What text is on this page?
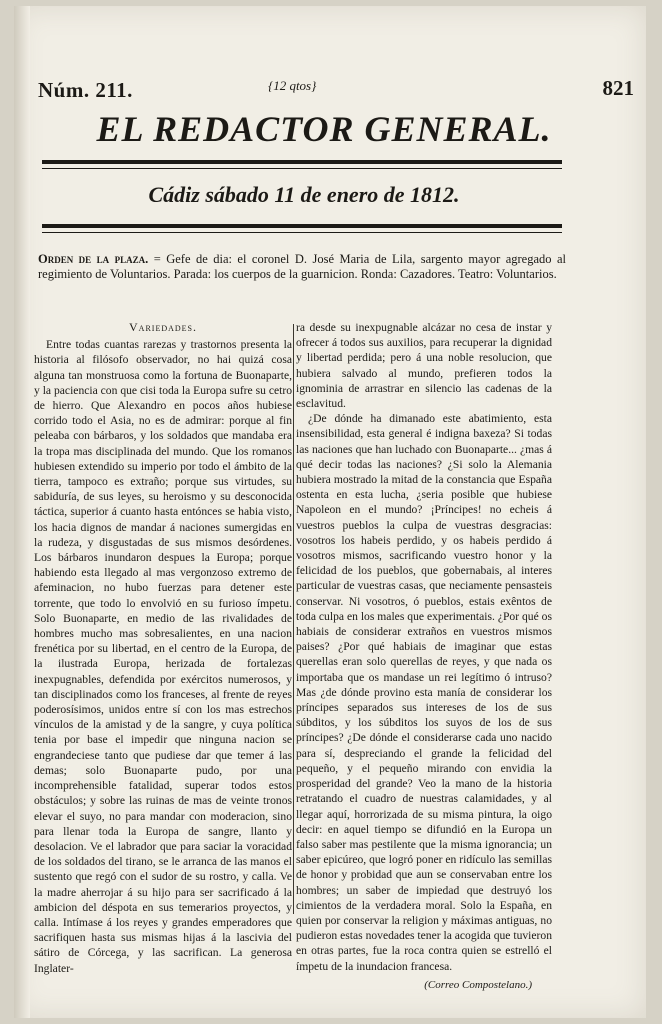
Núm. 211.	{12 qtos}	821
EL REDACTOR GENERAL.
Cádiz sábado 11 de enero de 1812.
Orden de la plaza. = Gefe de dia: el coronel D. José Maria de Lila, sargento mayor agregado al regimiento de Voluntarios. Parada: los cuerpos de la guarnicion. Ronda: Cazadores. Teatro: Voluntarios.
Variedades.

Entre todas cuantas rarezas y trastornos presenta la historia al filósofo observador, no hai quizá cosa alguna tan monstruosa como la fortuna de Buonaparte, y la paciencia con que cisi toda la Europa sufre su cetro de hierro. Que Alexandro en pocos años hubiese corrido todo el Asia, no es de admirar: porque al fin peleaba con bárbaros, y los soldados que mandaba era la tropa mas disciplinada del mundo. Que los romanos hubiesen extendido su imperio por todo el ámbito de la tierra, tampoco es extraño; porque sus virtudes, su sabiduría, de sus leyes, su heroismo y su desconocida táctica, superior á cuanto hasta entónces se habia visto, los hacia dignos de mandar á naciones sumergidas en la rudeza, y disgustadas de sus mismos desórdenes. Los bárbaros inundaron despues la Europa; porque habiendo esta llegado al mas vergonzoso extremo de afeminacion, no hubo fuerzas para detener este torrente, que todo lo envolvió en su furioso ímpetu. Solo Buonaparte, en medio de las rivalidades de hombres mucho mas sobresalientes, en una nacion frenética por su libertad, en el centro de la Europa, de la ilustrada Europa, herizada de fortalezas inexpugnables, defendida por exércitos numerosos, y tan disciplinados como los franceses, al frente de reyes poderosísimos, unidos entre sí con los mas estrechos vínculos de la amistad y de la sangre, y cuya política tenia por base el impedir que ninguna nacion se engrandeciese tanto que pudiese dar que temer á las demas; solo Buonaparte pudo, por una incomprehensible fatalidad, superar todos estos obstáculos; y sobre las ruinas de mas de veinte tronos elevar el suyo, no para mandar con moderacion, sino para llenar toda la Europa de sangre, llanto y desolacion. Ve el labrador que para saciar la voracidad de los soldados del tirano, se le arranca de las manos el sustento que regó con el sudor de su rostro, y calla. Ve la madre aherrojar á su hijo para ser sacrificado á la ambicion del déspota en sus temerarios proyectos, y calla. Intímase á los reyes y grandes emperadores que sacrifiquen hasta sus mismas hijas á la lascivia del sátiro de Córcega, y las sacrifican. La generosa Inglater-

ra desde su inexpugnable alcázar no cesa de instar y ofrecer á todos sus auxilios, para recuperar la dignidad y libertad perdida; pero á una noble resolucion, que hubiera salvado al mundo, prefieren todos la ignominia de arrastrar en silencio las cadenas de la esclavitud.

¿De dónde ha dimanado este abatimiento, esta insensibilidad, esta general é indigna baxeza? Si todas las naciones que han luchado con Buonaparte... ¿mas á qué decir todas las naciones? ¿Si solo la Alemania hubiera mostrado la mitad de la constancia que España ostenta en esta lucha, ¿seria posible que hubiese Napoleon en el mundo? ¡Príncipes! no echeis á vuestros pueblos la culpa de vuestras desgracias: vosotros los habeis perdido, y os habeis perdido á vosotros mismos, sacrificando vuestro honor y la felicidad de los pueblos, que gobernabais, al interes particular de vuestras casas, que neciamente pensasteis conservar. Ni vosotros, ó pueblos, estais exêntos de toda culpa en los males que experimentais. ¿Por qué os habiais de considerar extraños en vuestros mismos paises? ¿Por qué habiais de imaginar que estas querellas eran solo querellas de reyes, y que nada os importaba que os mandase un rei legítimo ó intruso? Mas ¿de dónde provino esta manía de considerar los príncipes separados sus intereses de los de sus súbditos, y los súbditos los suyos de los de sus príncipes? ¿De dónde el considerarse cada uno nacido para sí, despreciando el grande la felicidad del pequeño, y el pequeño mirando con envidia la prosperidad del grande? Veo la mano de la historia retratando el cuadro de nuestras calamidades, y al llegar aquí, horrorizada de su misma pintura, la oigo decir: en aquel tiempo se difundió en la Europa un falso saber mas pestilente que la misma ignorancia; un saber epicúreo, que logró poner en ridículo las semillas de honor y probidad que aun se conservaban entre los hombres; un saber de impiedad que destruyó los cimientos de la verdadera moral. Solo la España, en quien por conservar la religion y máximas antiguas, no pudieron estas novedades tener la acogida que tuvieron en otras partes, fue la roca contra quien se estrelló el ímpetu de la inundacion francesa.

(Correo Compostelano.)
